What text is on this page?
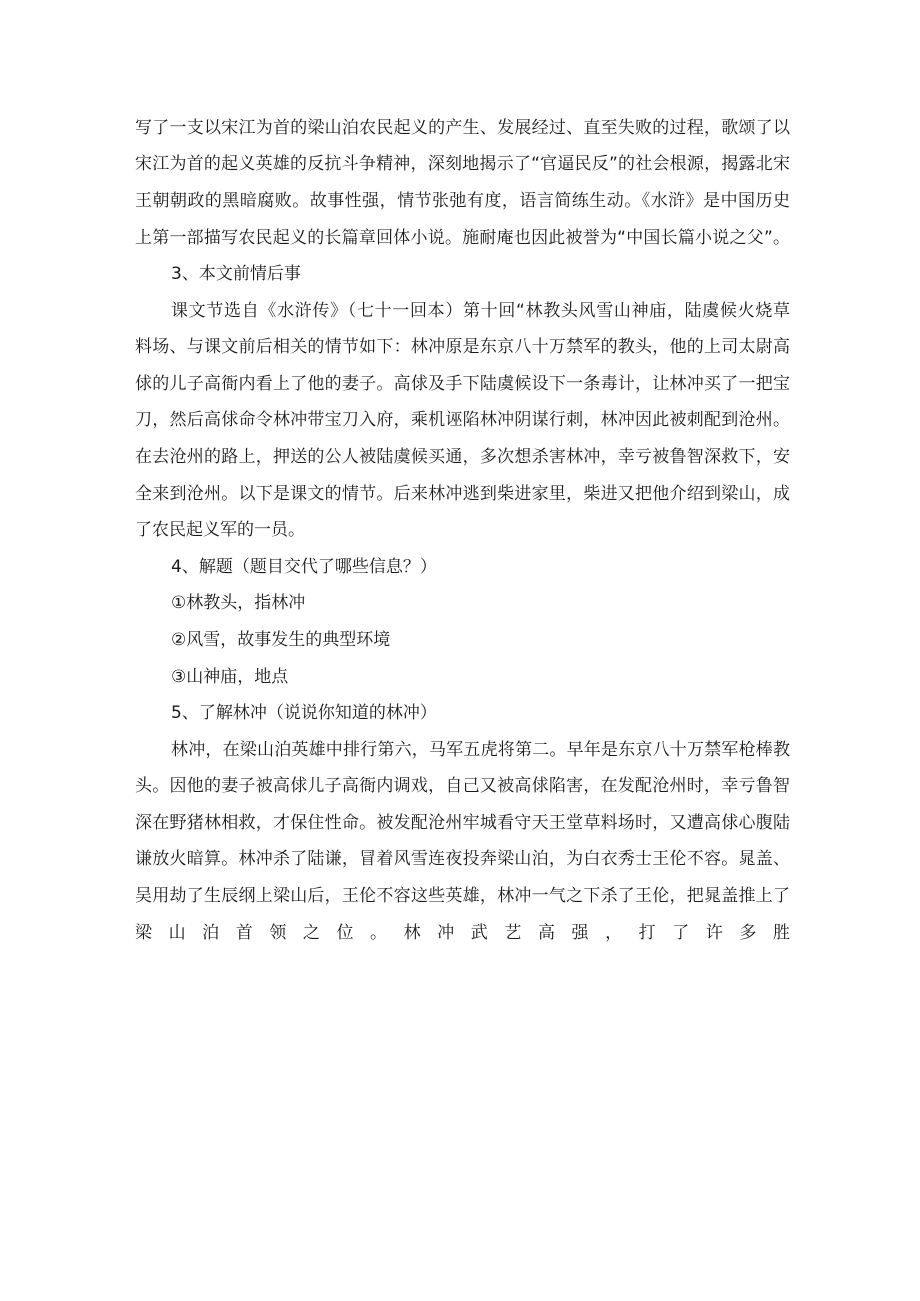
写了一支以宋江为首的梁山泊农民起义的产生、发展经过、直至失败的过程，歌颂了以
宋江为首的起义英雄的反抗斗争精神，深刻地揭示了“官逼民反”的社会根源，揭露北宋
王朝朝政的黑暗腐败。故事性强，情节张弛有度，语言简练生动。《水浒》是中国历史
上第一部描写农民起义的长篇章回体小说。施耐庵也因此被誉为“中国长篇小说之父”。
3、本文前情后事
课文节选自《水浒传》（七十一回本）第十回“林教头风雪山神庙，陆虞候火烧草
料场、与课文前后相关的情节如下：林冲原是东京八十万禁军的教头，他的上司太尉高
俅的儿子高衙内看上了他的妻子。高俅及手下陆虞候设下一条毒计，让林冲买了一把宝
刀，然后高俅命令林冲带宝刀入府，乘机诬陷林冲阴谋行刺，林冲因此被刺配到沧州。
在去沧州的路上，押送的公人被陆虞候买通，多次想杀害林冲，幸亏被鲁智深救下，安
全来到沧州。以下是课文的情节。后来林冲逃到柴进家里，柴进又把他介绍到梁山，成
了农民起义军的一员。
4、解题（题目交代了哪些信息？）
①林教头，指林冲
②风雪，故事发生的典型环境
③山神庙，地点
5、了解林冲（说说你知道的林冲）
林冲，在梁山泊英雄中排行第六，马军五虎将第二。早年是东京八十万禁军枪棒教
头。因他的妻子被高俅儿子高衙内调戏，自己又被高俅陷害，在发配沧州时，幸亏鲁智
深在野猪林相救，才保住性命。被发配沧州牢城看守天王堂草料场时，又遭高俅心腹陆
谦放火暗算。林冲杀了陆谦，冒着风雪连夜投奔梁山泊，为白衣秀士王伦不容。晁盖、
吴用劫了生辰纲上梁山后，王伦不容这些英雄，林冲一气之下杀了王伦，把晁盖推上了
梁山泊首领之位。林冲武艺高强，打了许多胜
